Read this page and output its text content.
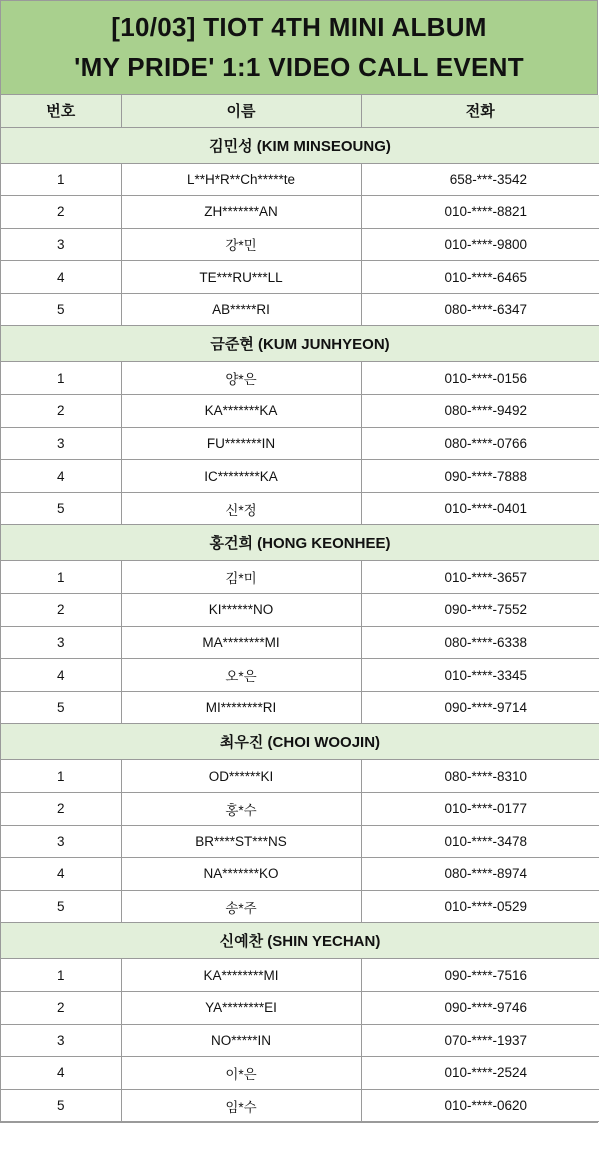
[10/03] TIOT 4TH MINI ALBUM
'MY PRIDE' 1:1 VIDEO CALL EVENT
번호	이름	전화
김민성 (KIM MINSEOUNG)		
1	L**H*R**Ch*****te	658-***-3542
2	ZH*******AN	010-****-8821
3	강*민	010-****-9800
4	TE***RU***LL	010-****-6465
5	AB*****RI	080-****-6347
금준현 (KUM JUNHYEON)		
1	양*은	010-****-0156
2	KA*******KA	080-****-9492
3	FU*******IN	080-****-0766
4	IC********KA	090-****-7888
5	신*정	010-****-0401
홍건희 (HONG KEONHEE)		
1	김*미	010-****-3657
2	KI******NO	090-****-7552
3	MA********MI	080-****-6338
4	오*은	010-****-3345
5	MI********RI	090-****-9714
최우진 (CHOI WOOJIN)		
1	OD******KI	080-****-8310
2	홍*수	010-****-0177
3	BR****ST***NS	010-****-3478
4	NA*******KO	080-****-8974
5	송*주	010-****-0529
신예찬 (SHIN YECHAN)		
1	KA********MI	090-****-7516
2	YA********EI	090-****-9746
3	NO*****IN	070-****-1937
4	이*은	010-****-2524
5	임*수	010-****-0620
